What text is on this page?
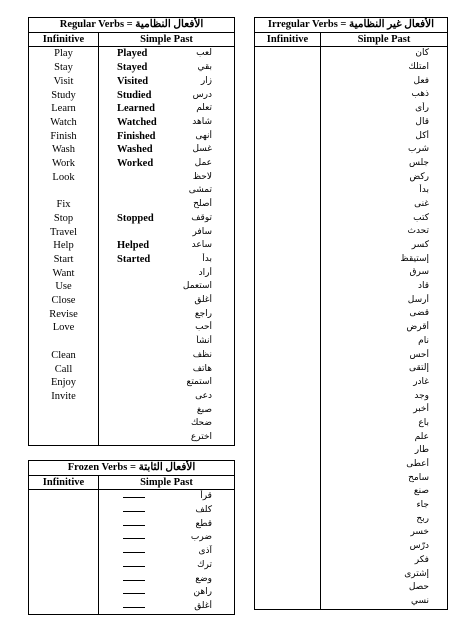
Regular Verbs = الأفعال النظامية	
Infinitive	Simple Past
Play	Played لعب

Stay	Stayed بقي

Visit	Visited زار

Study	Studied درس

Learn	Learned تعلم

Watch	Watched شاهد

Finish	Finished أنهى

Wash	Washed غسل

Work	Worked عمل

Look	لاحظ

	تمشى

Fix	أصلح

Stop	Stopped توقف

Travel	سافر

Help	Helped ساعد

Start	Started بدأ

Want	أراد

Use	استعمل

Close	أغلق

Revise	راجع

Love	أحب

	أنشأ

Clean	نظف

Call	هاتف

Enjoy	استمتع

Invite	دعى

	صبغ

	ضحك

	اخترع
Frozen Verbs = الأفعال الثابتة	
Infinitive	Simple Past

	قرأ

	كلف

	قطع

	ضرب

	آذى

	ترك

	وضع

	راهن

	أغلق
Irregular Verbs = الأفعال غير النظامية	
Infinitive	Simple Past

	كان

	امتلك

	فعل

	ذهب

	رأى

	قال

	أكل

	شرب

	جلس

	ركض

	بدأ

	غنى

	كتب

	تحدث

	كسر

	إستيقظ

	سرق

	قاد

	أرسل

	قضى

	أقرض

	نام

	أحس

	إلتقى

	غادر

	وجد

	أخبر

	باع

	علم

	طار

	أعطى

	سامح

	صنع

	جاء

	ربح

	خسر

	درّس

	فكر

	إشترى

	حصل

	نسي
